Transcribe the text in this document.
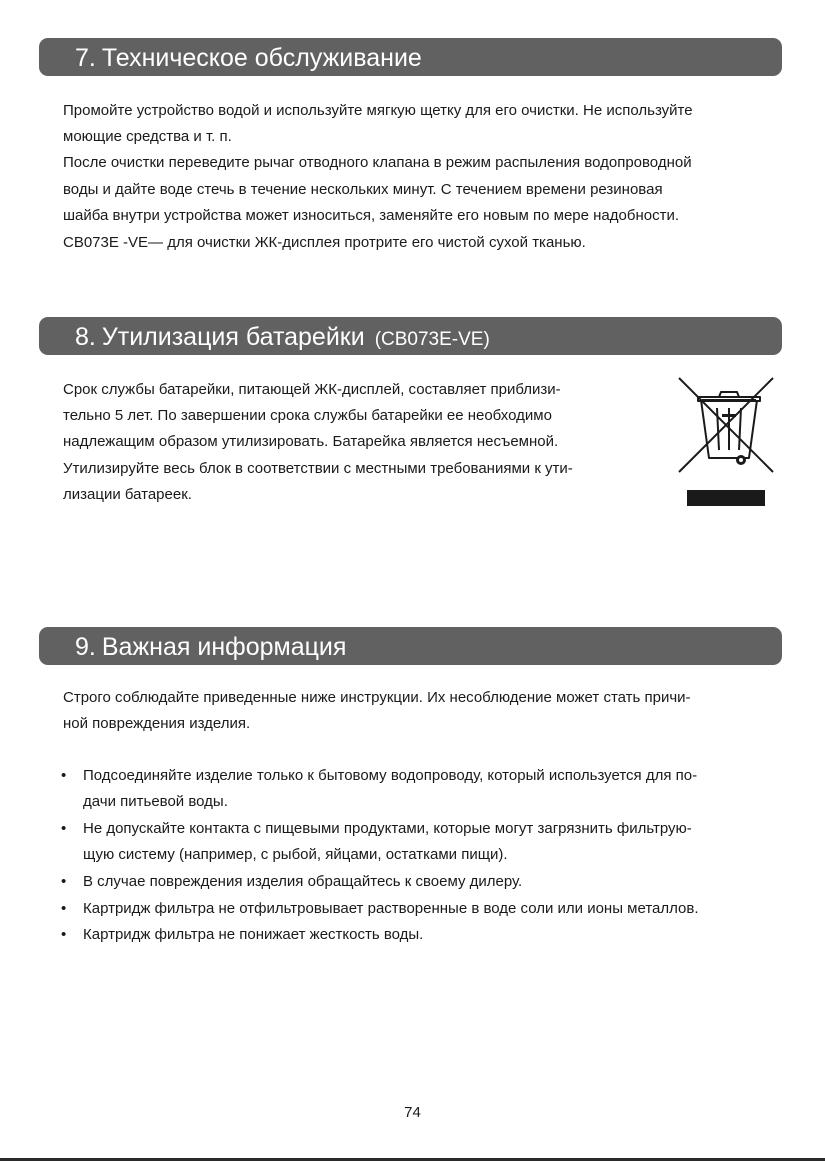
7. Техническое обслуживание

Промойте устройство водой и используйте мягкую щетку для его очистки. Не используйте

моющие средства и т. п.

После очистки переведите рычаг отводного клапана в режим распыления водопроводной

воды и дайте воде стечь в течение нескольких минут. С течением времени резиновая

шайба внутри устройства может изноcиться, заменяйте его новым по мере надобности.

CB073E -VE— для очистки ЖК-дисплея протрите его чистой сухой тканью.

8. Утилизация батарейки (CB073E-VE)

Срок службы батарейки, питающей ЖК-дисплей, составляет приблизи-

тельно 5 лет. По завершении срока службы батарейки ее необходимо

надлежащим образом утилизировать. Батарейка является несъемной.

Утилизируйте весь блок в соответствии с местными требованиями к ути-

лизации батареек.

9. Важная информация

Строго соблюдайте приведенные ниже инструкции. Их несоблюдение может стать причи-

ной повреждения изделия.

•	Подсоединяйте изделие только к бытовому водопроводу, который используется для по-

дачи питьевой воды.

•	Не допускайте контакта с пищевыми продуктами, которые могут загрязнить фильтрую-

щую систему (например, с рыбой, яйцами, остатками пищи).

•	В случае повреждения изделия обращайтесь к своему дилеру.

•	Картридж фильтра не отфильтровывает растворенные в воде соли или ионы металлов.

•	Картридж фильтра не понижает жесткость воды.

74
